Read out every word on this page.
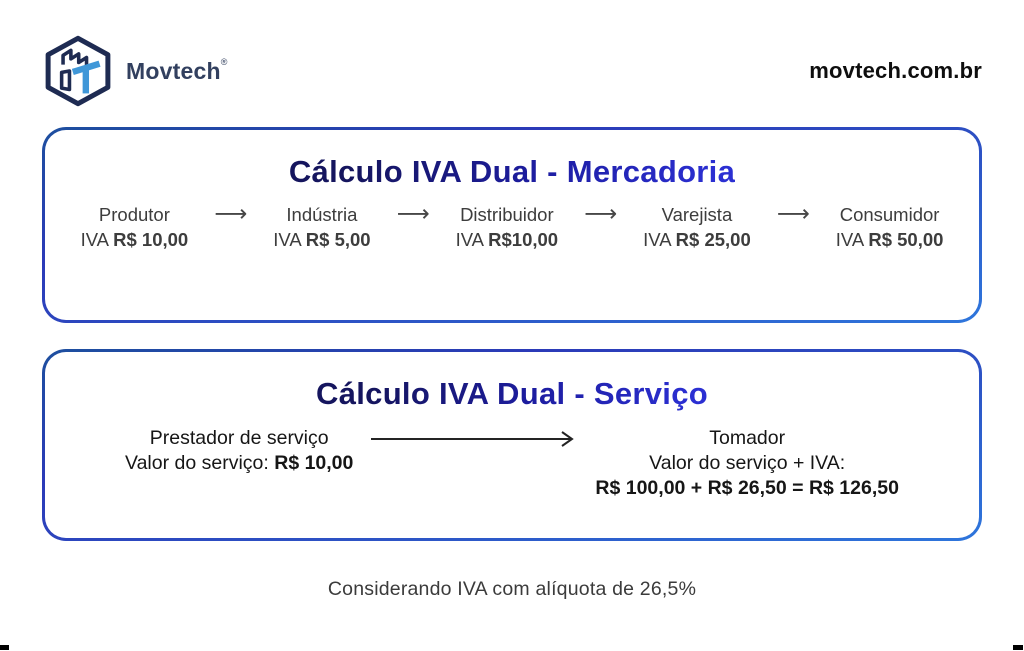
Movtech®	movtech.com.br
Cálculo IVA Dual - Mercadoria
Produtor
IVA R$ 10,00
⟶	Indústria
IVA R$ 5,00
⟶ Distribuidor
IVA R$10,00
⟶	Varejista
IVA R$ 25,00
⟶ Consumidor
IVA R$ 50,00
Cálculo IVA Dual - Serviço
Prestador de serviço
Valor do serviço: R$ 10,00
Tomador
Valor do serviço + IVA:
R$ 100,00 + R$ 26,50 = R$ 126,50
Considerando IVA com alíquota de 26,5%
